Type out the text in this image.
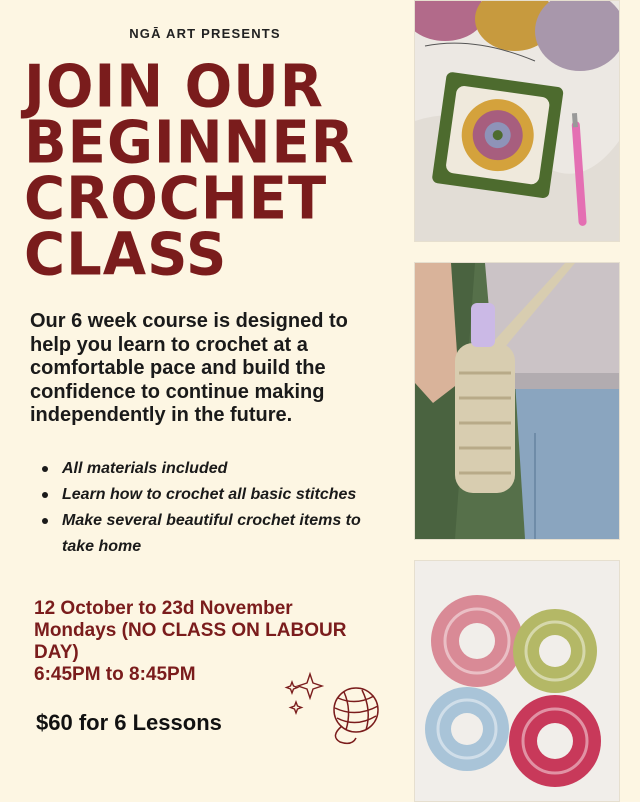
NGĀ ART PRESENTS
JOIN OUR
BEGINNER
CROCHET
CLASS
Our 6 week course is designed to help you learn to crochet at a comfortable pace and build the confidence to continue making independently in the future.
All materials included
Learn how to crochet all basic stitches
Make several beautiful crochet items to take home
12 October to 23d November
Mondays (NO CLASS ON LABOUR DAY)
6:45PM to 8:45PM
$60 for 6 Lessons
